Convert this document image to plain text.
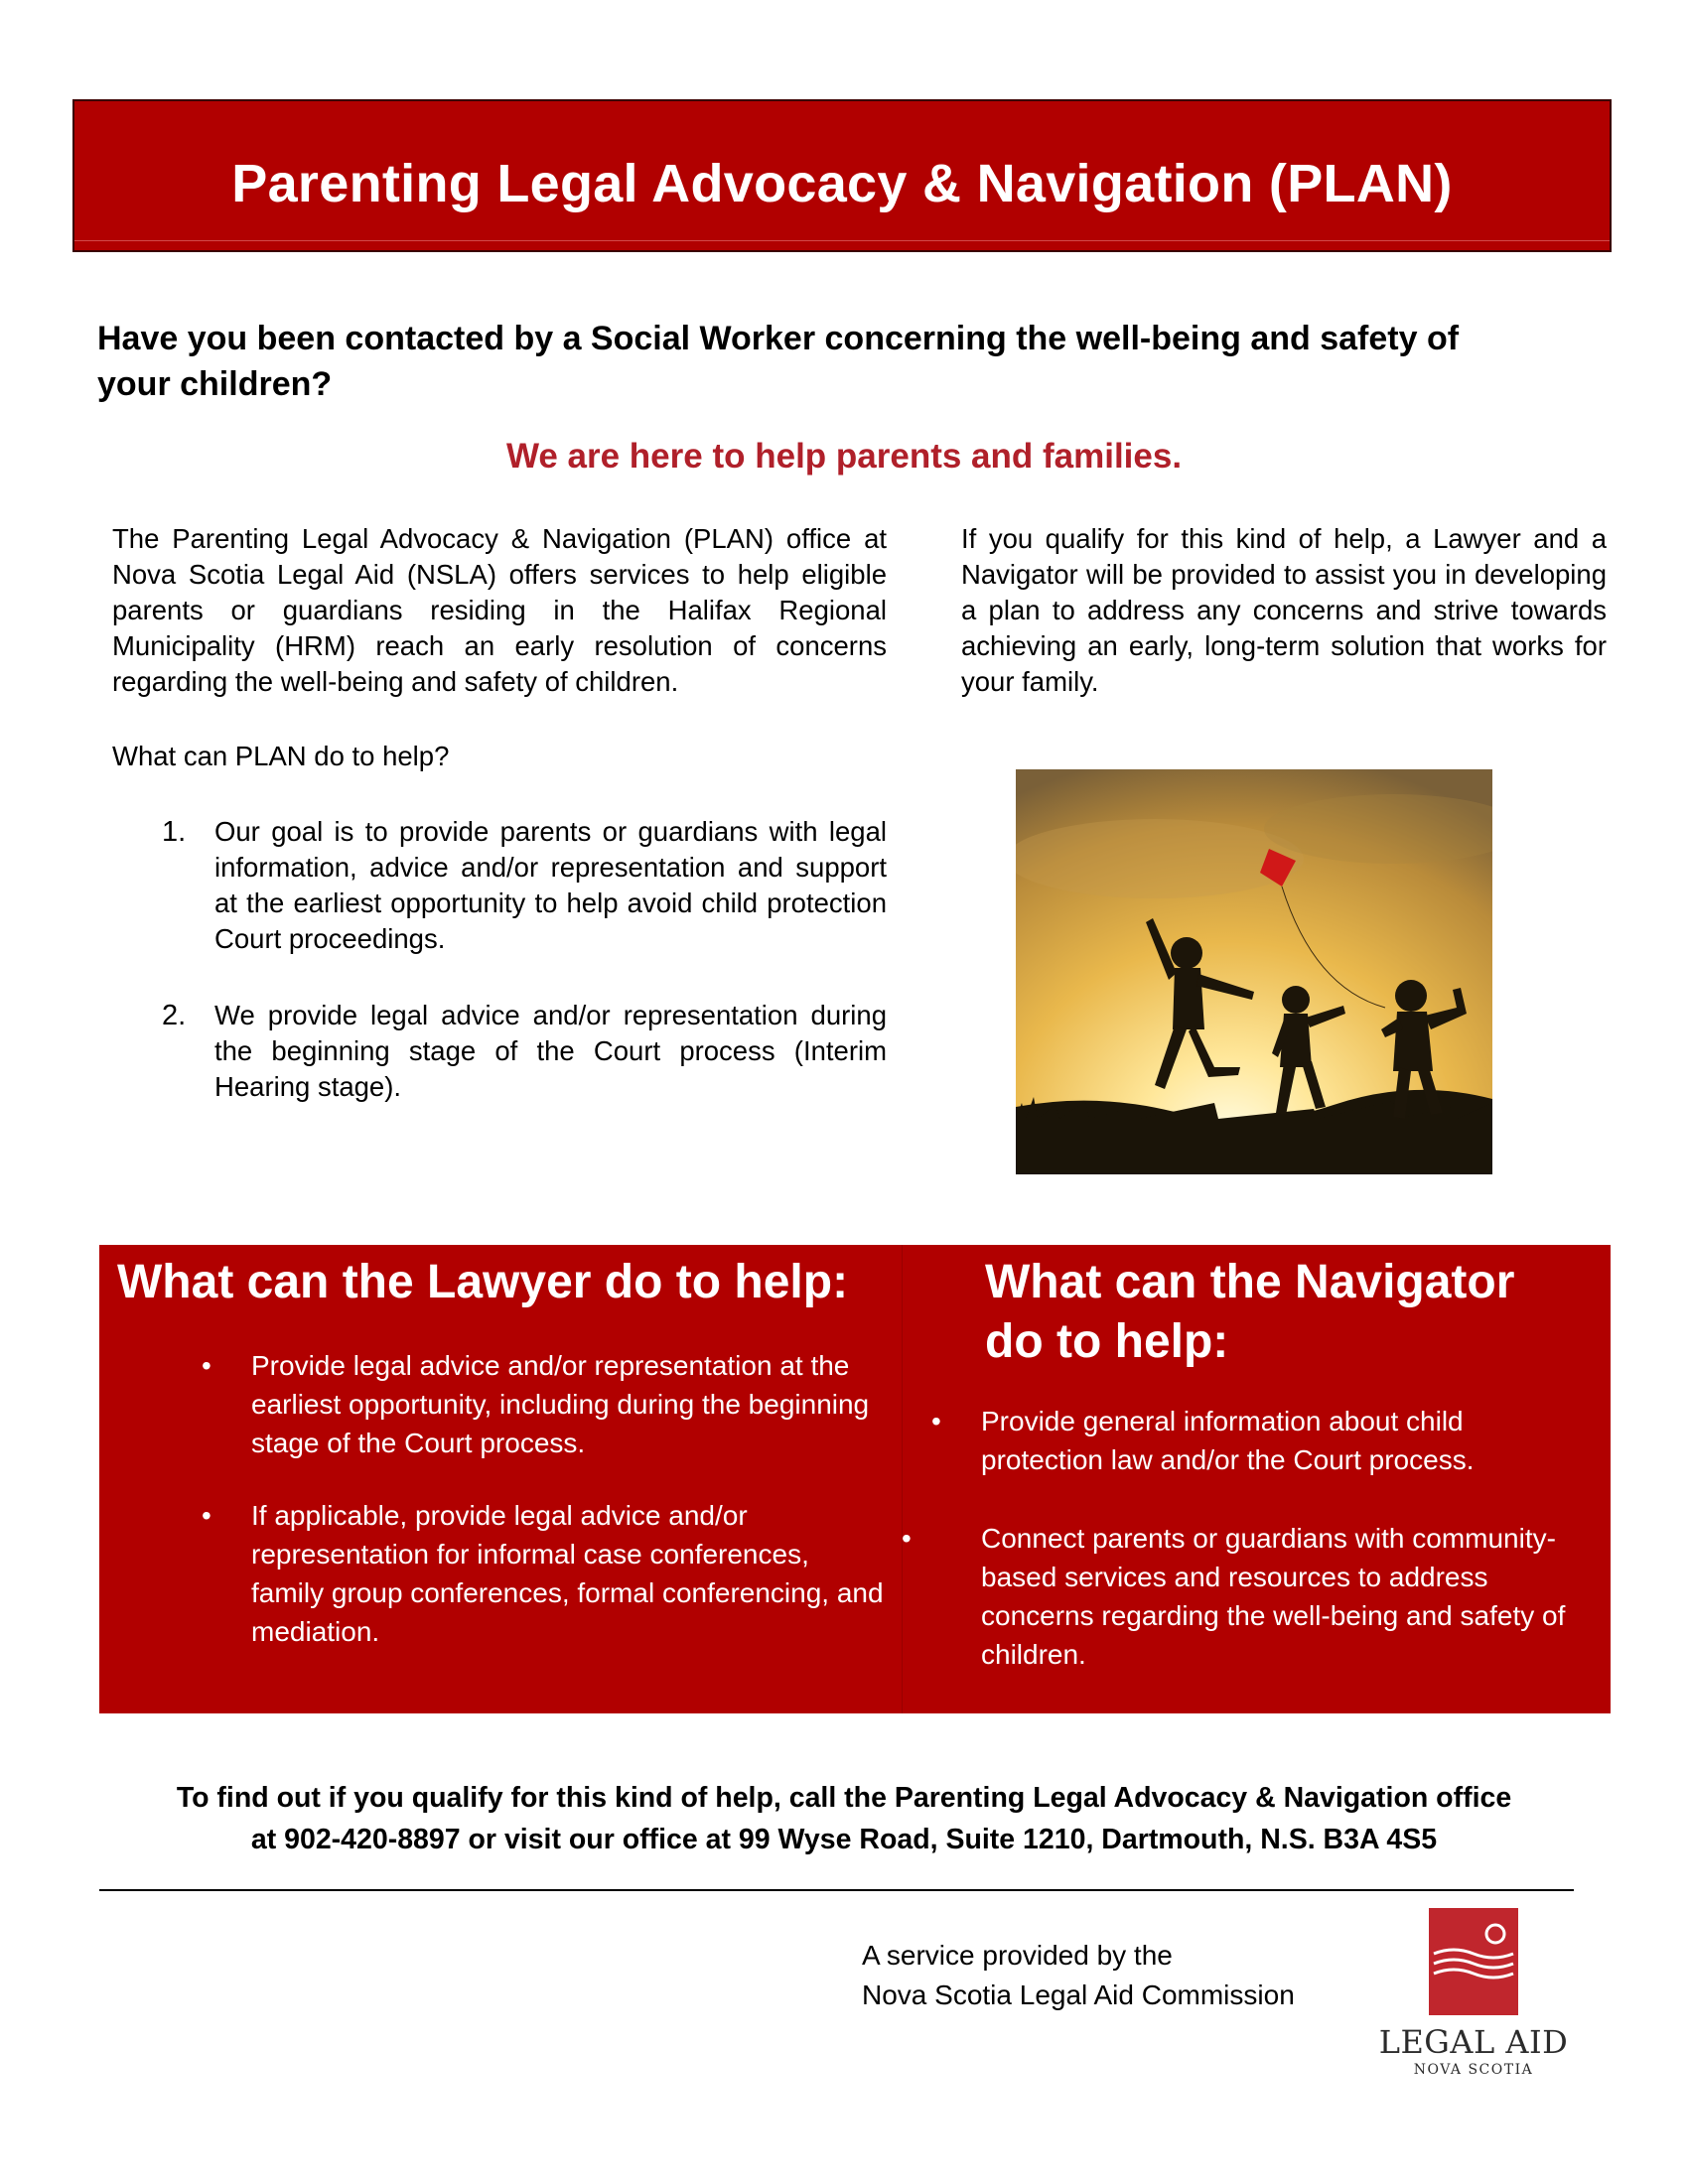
Parenting Legal Advocacy & Navigation (PLAN)
Have you been contacted by a Social Worker concerning the well-being and safety of your children?
We are here to help parents and families.
The Parenting Legal Advocacy & Navigation (PLAN) office at Nova Scotia Legal Aid (NSLA) offers services to help eligible parents or guardians residing in the Halifax Regional Municipality (HRM) reach an early resolution of concerns regarding the well-being and safety of children.
If you qualify for this kind of help, a Lawyer and a Navigator will be provided to assist you in developing a plan to address any concerns and strive towards achieving an early, long-term solution that works for your family.
What can PLAN do to help?
1. Our goal is to provide parents or guardians with legal information, advice and/or representation and support at the earliest opportunity to help avoid child protection Court proceedings.
2. We provide legal advice and/or representation during the beginning stage of the Court process (Interim Hearing stage).
What can the Lawyer do to help:	What can the Navigator do to help:
• Provide legal advice and/or representation at the earliest opportunity, including during the beginning stage of the Court process.
• If applicable, provide legal advice and/or representation for informal case conferences, family group conferences, formal conferencing, and mediation.
• Provide general information about child protection law and/or the Court process.
•	Connect parents or guardians with community-based services and resources to address concerns regarding the well-being and safety of children.
To find out if you qualify for this kind of help, call the Parenting Legal Advocacy & Navigation office
at 902-420-8897 or visit our office at 99 Wyse Road, Suite 1210, Dartmouth, N.S. B3A 4S5
A service provided by the
Nova Scotia Legal Aid Commission
LEGAL AID
NOVA SCOTIA
